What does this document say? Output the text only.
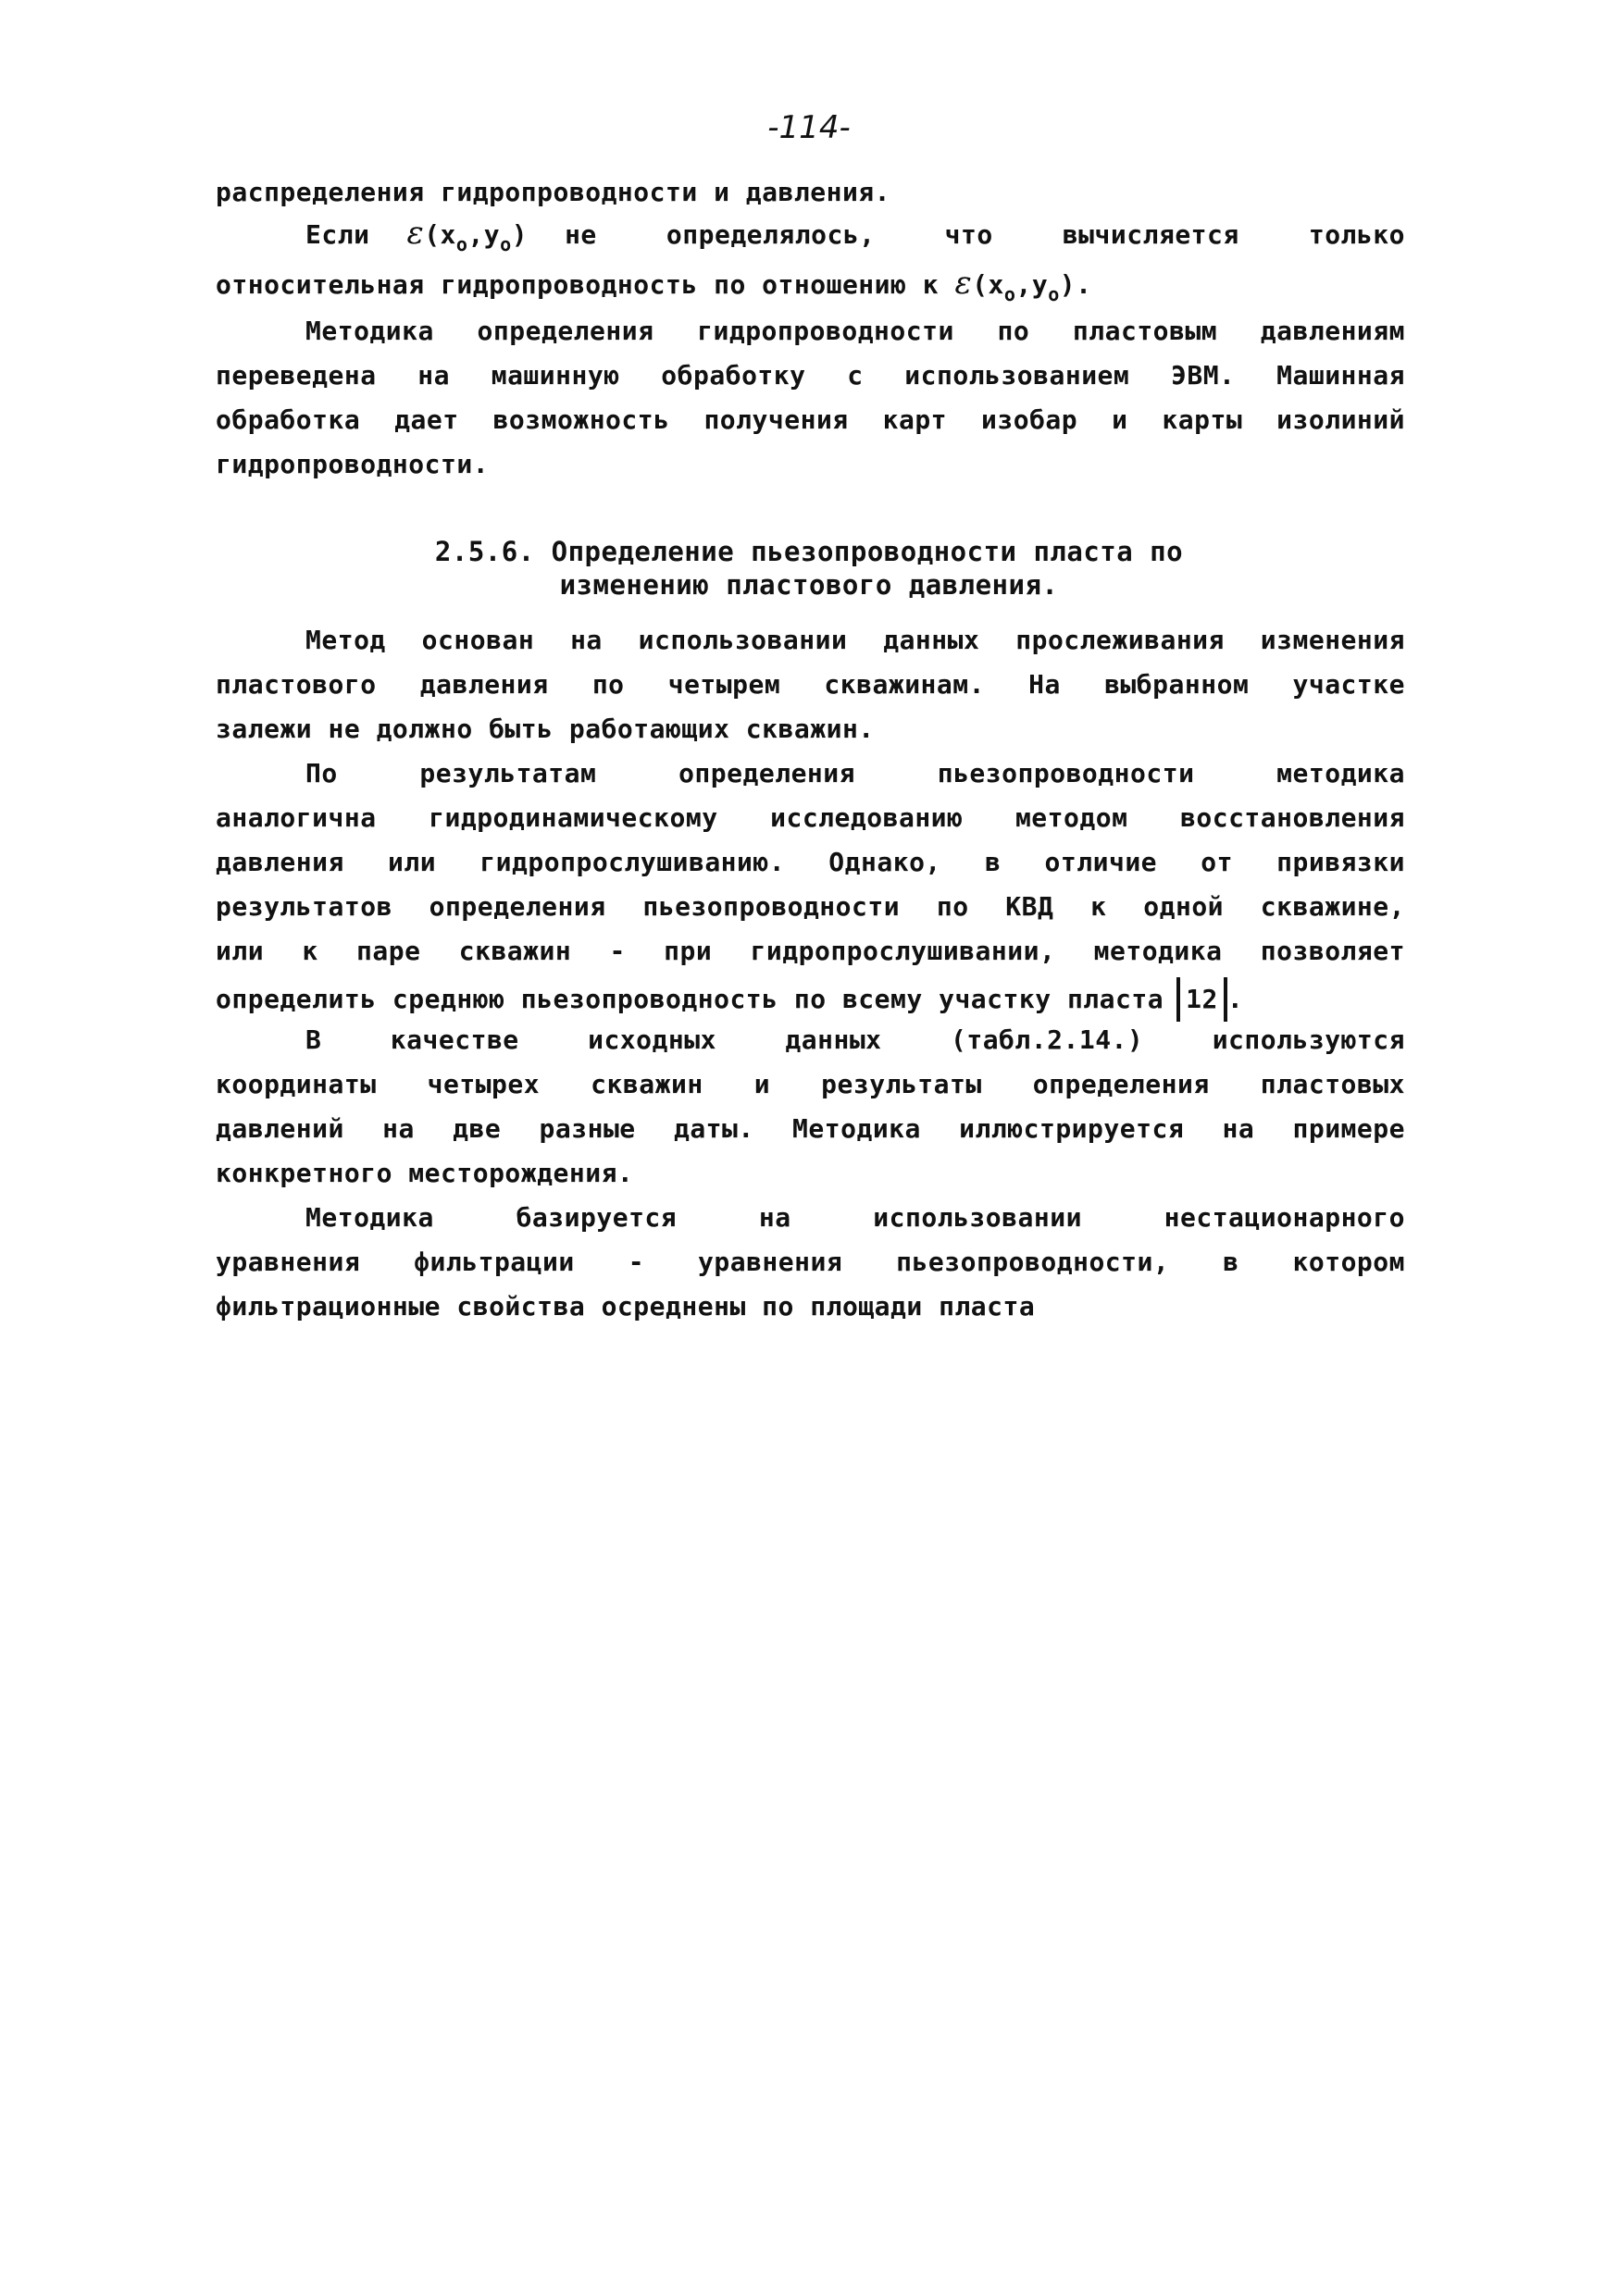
-114-
распределения гидропроводности и давления.
Если $\varepsilon(x_о,y_о)$ не определялось, что вычисляется только
относительная гидропроводность по отношению к $\varepsilon(x_о,y_о)$.
Методика определения гидропроводности по пластовым давлениям
переведена на машинную обработку с использованием ЭВМ. Машинная
обработка дает возможность получения карт изобар и карты изолиний
гидропроводности.
2.5.6. Определение пьезопроводности пласта по
изменению пластового давления.
Метод основан на использовании данных прослеживания изменения
пластового давления по четырем скважинам. На выбранном участке
залежи не должно быть работающих скважин.
По результатам определения пьезопроводности методика
аналогична гидродинамическому исследованию методом восстановления
давления или гидропрослушиванию. Однако, в отличие от привязки
результатов определения пьезопроводности по КВД к одной скважине,
или к паре скважин - при гидропрослушивании, методика позволяет
определить среднюю пьезопроводность по всему участку пласта 12 .
В качестве исходных данных (табл.2.14.) используются
координаты четырех скважин и результаты определения пластовых
давлений на две разные даты. Методика иллюстрируется на примере
конкретного месторождения.
Методика базируется на использовании нестационарного
уравнения фильтрации - уравнения пьезопроводности, в котором
фильтрационные свойства осреднены по площади пласта
